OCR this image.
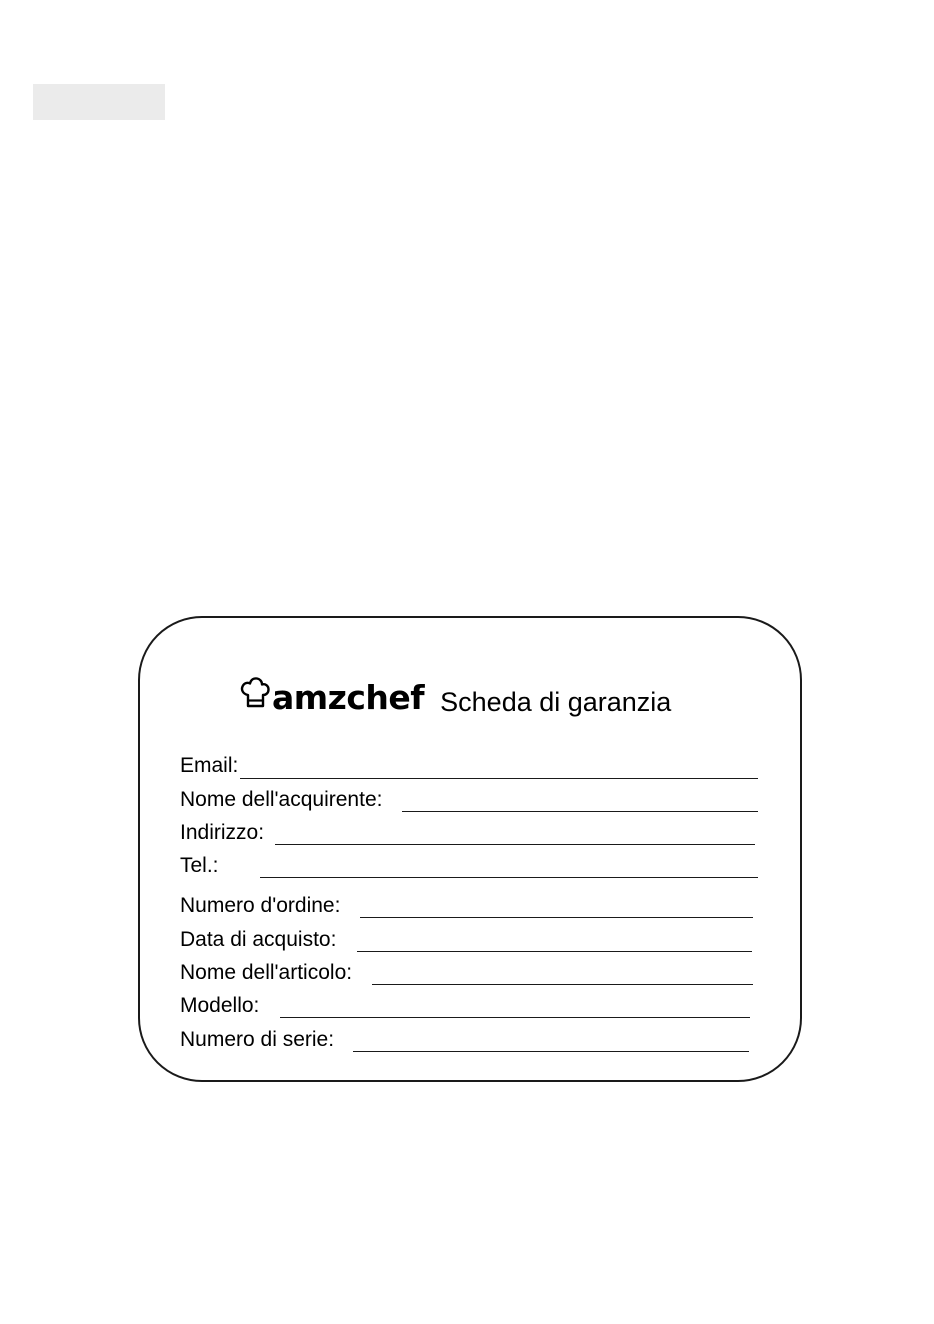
amzchef Scheda di garanzia
Email:
Nome dell'acquirente:
Indirizzo:
Tel.:
Numero d'ordine:
Data di acquisto:
Nome dell'articolo:
Modello:
Numero di serie:
